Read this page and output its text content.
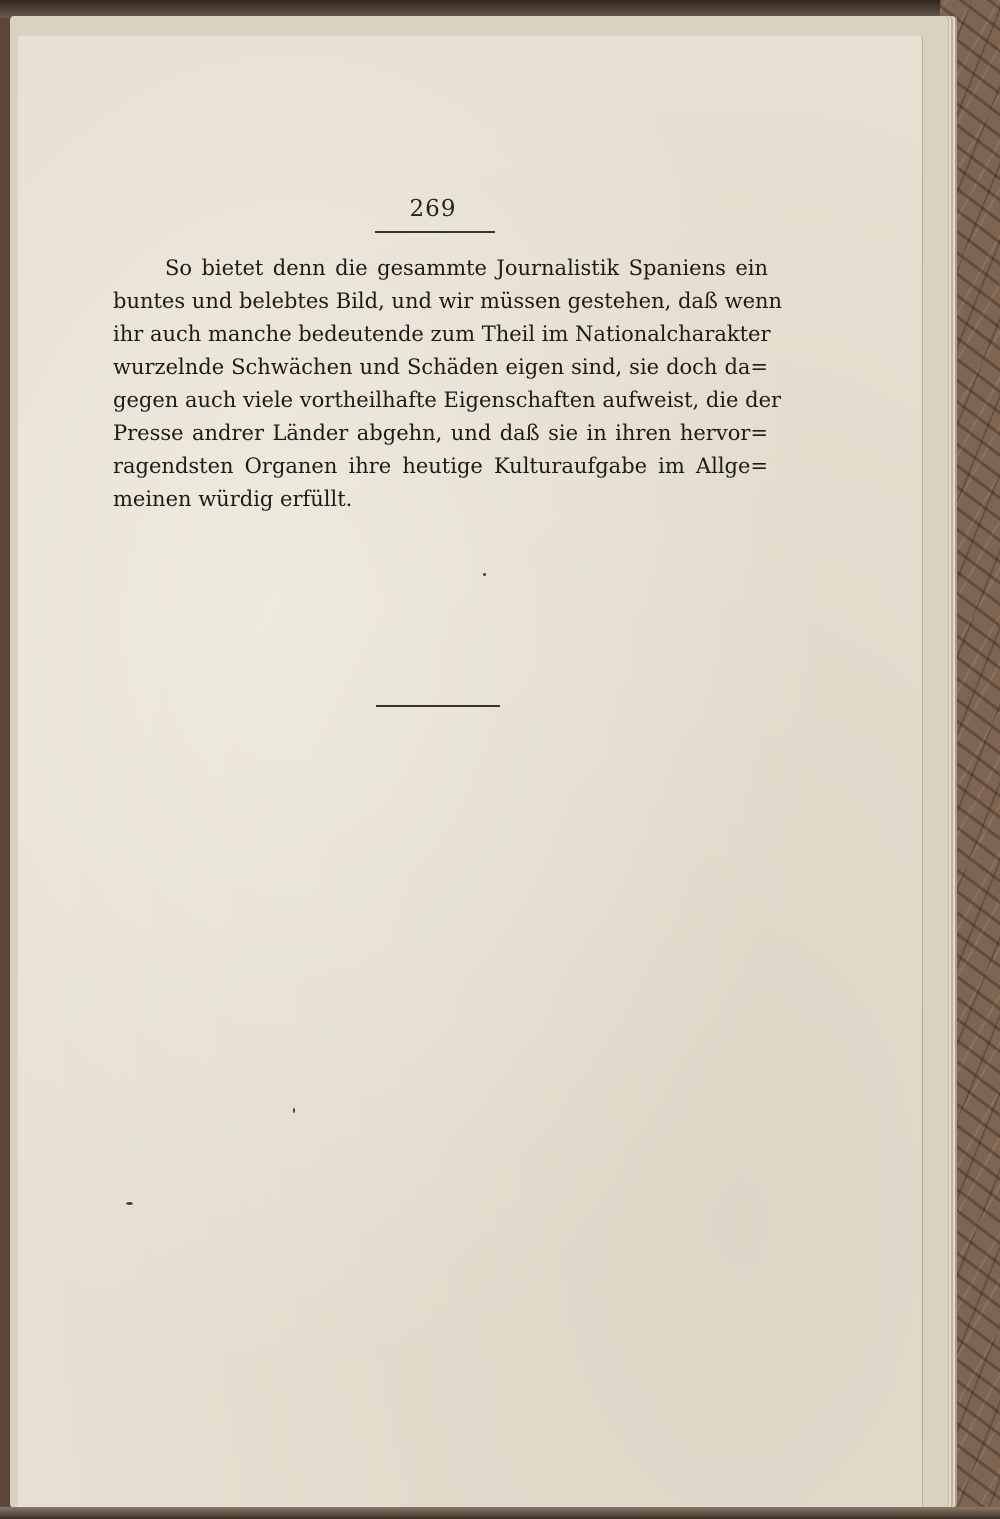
269
So bietet denn die gesammte Journalistik Spaniens ein
buntes und belebtes Bild, und wir müssen gestehen, daß wenn
ihr auch manche bedeutende zum Theil im Nationalcharakter
wurzelnde Schwächen und Schäden eigen sind, sie doch da=
gegen auch viele vortheilhafte Eigenschaften aufweist, die der
Presse andrer Länder abgehn, und daß sie in ihren hervor=
ragendsten Organen ihre heutige Kulturaufgabe im Allge=
meinen würdig erfüllt.
